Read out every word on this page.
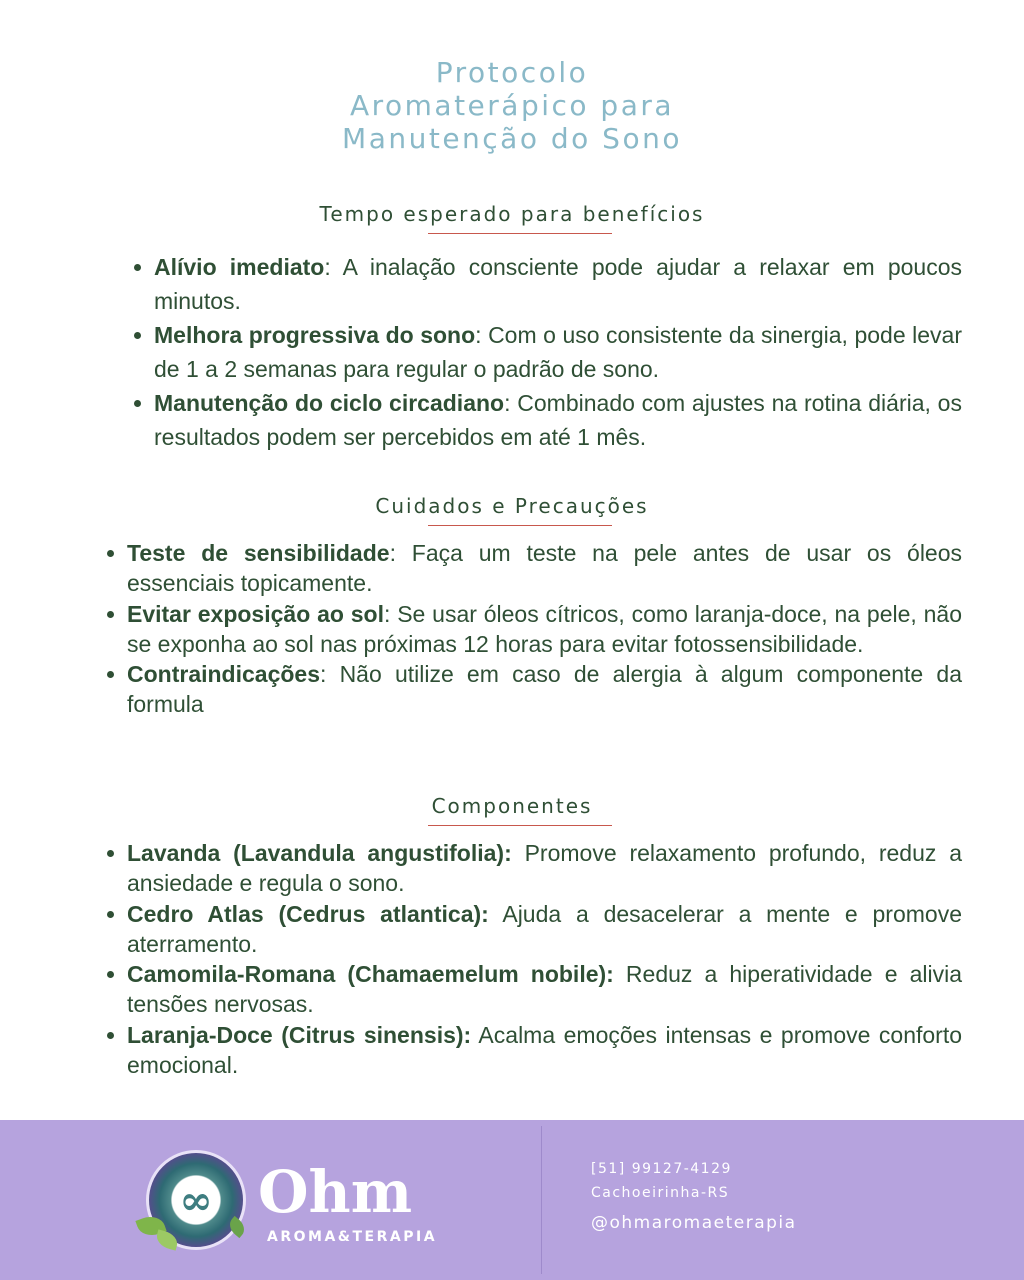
Protocolo
Aromaterápico para
Manutenção do Sono
Tempo esperado para benefícios
Alívio imediato: A inalação consciente pode ajudar a relaxar em poucos minutos.
Melhora progressiva do sono: Com o uso consistente da sinergia, pode levar de 1 a 2 semanas para regular o padrão de sono.
Manutenção do ciclo circadiano: Combinado com ajustes na rotina diária, os resultados podem ser percebidos em até 1 mês.
Cuidados e Precauções
Teste de sensibilidade: Faça um teste na pele antes de usar os óleos essenciais topicamente.
Evitar exposição ao sol: Se usar óleos cítricos, como laranja-doce, na pele, não se exponha ao sol nas próximas 12 horas para evitar fotossensibilidade.
Contraindicações: Não utilize em caso de alergia à algum componente da formula
Componentes
Lavanda (Lavandula angustifolia): Promove relaxamento profundo, reduz a ansiedade e regula o sono.
Cedro Atlas (Cedrus atlantica): Ajuda a desacelerar a mente e promove aterramento.
Camomila-Romana (Chamaemelum nobile): Reduz a hiperatividade e alivia tensões nervosas.
Laranja-Doce (Citrus sinensis): Acalma emoções intensas e promove conforto emocional.
∞ Ohm
AROMA&TERAPIA
[51] 99127-4129
Cachoeirinha-RS
@ohmaromaeterapia
